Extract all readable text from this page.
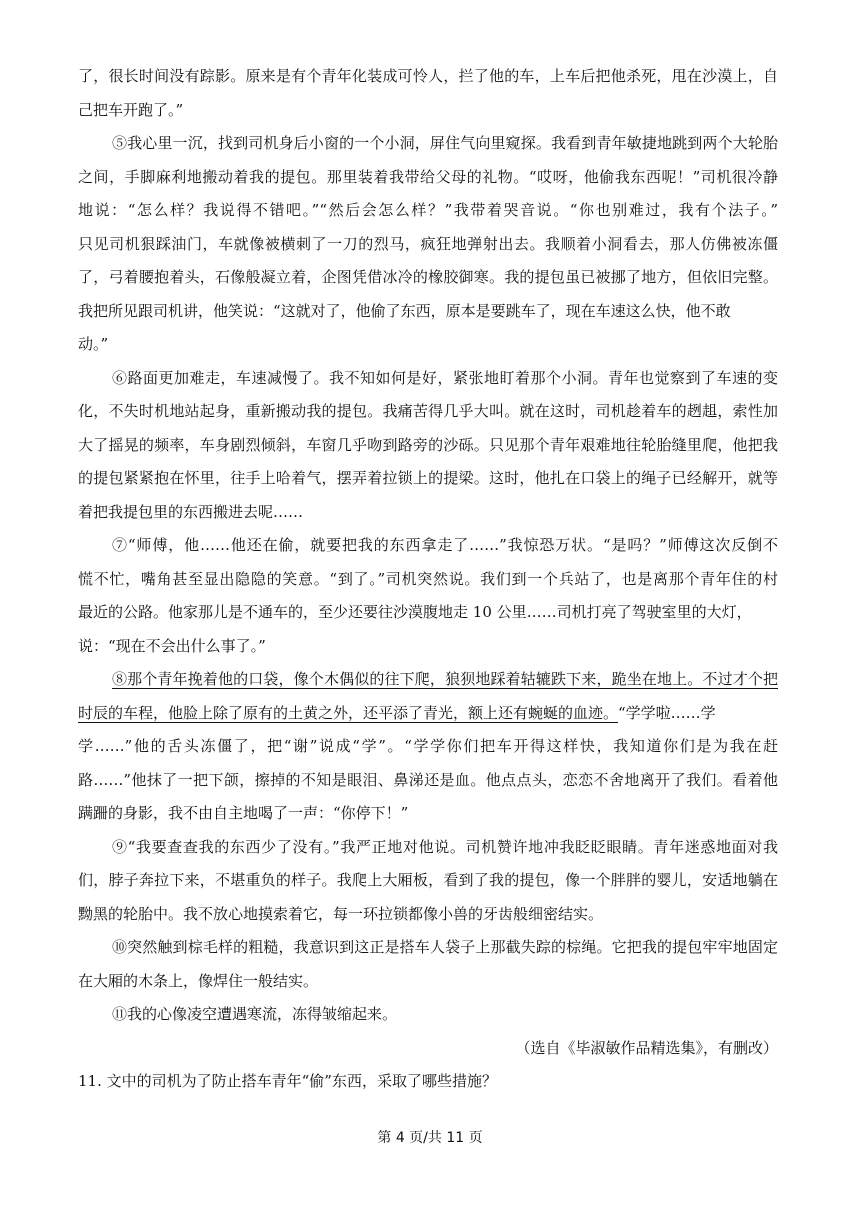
了，很长时间没有踪影。原来是有个青年化装成可怜人，拦了他的车，上车后把他杀死，甩在沙漠上，自
己把车开跑了。”
⑤我心里一沉，找到司机身后小窗的一个小洞，屏住气向里窥探。我看到青年敏捷地跳到两个大轮胎
之间，手脚麻利地搬动着我的提包。那里装着我带给父母的礼物。“哎呀，他偷我东西呢！”司机很冷静
地说：“怎么样？我说得不错吧。”“然后会怎么样？”我带着哭音说。“你也别难过，我有个法子。”
只见司机狠踩油门，车就像被横刺了一刀的烈马，疯狂地弹射出去。我顺着小洞看去，那人仿佛被冻僵
了，弓着腰抱着头，石像般凝立着，企图凭借冰冷的橡胶御寒。我的提包虽已被挪了地方，但依旧完整。
我把所见跟司机讲，他笑说：“这就对了，他偷了东西，原本是要跳车了，现在车速这么快，他不敢
动。”
⑥路面更加难走，车速减慢了。我不知如何是好，紧张地盯着那个小洞。青年也觉察到了车速的变
化，不失时机地站起身，重新搬动我的提包。我痛苦得几乎大叫。就在这时，司机趁着车的趔趄，索性加
大了摇晃的频率，车身剧烈倾斜，车窗几乎吻到路旁的沙砾。只见那个青年艰难地往轮胎缝里爬，他把我
的提包紧紧抱在怀里，往手上哈着气，摆弄着拉锁上的提梁。这时，他扎在口袋上的绳子已经解开，就等
着把我提包里的东西搬进去呢……
⑦“师傅，他……他还在偷，就要把我的东西拿走了……”我惊恐万状。“是吗？”师傅这次反倒不
慌不忙，嘴角甚至显出隐隐的笑意。“到了。”司机突然说。我们到一个兵站了，也是离那个青年住的村
最近的公路。他家那儿是不通车的，至少还要往沙漠腹地走 10 公里……司机打亮了驾驶室里的大灯，
说：“现在不会出什么事了。”
⑧那个青年挽着他的口袋，像个木偶似的往下爬，狼狈地踩着轱辘跌下来，跪坐在地上。不过才个把
时辰的车程，他脸上除了原有的土黄之外，还平添了青光，额上还有蜿蜒的血迹。“学学啦……学
学……”他的舌头冻僵了，把“谢”说成“学”。“学学你们把车开得这样快，我知道你们是为我在赶
路……”他抹了一把下颌，擦掉的不知是眼泪、鼻涕还是血。他点点头，恋恋不舍地离开了我们。看着他
蹒跚的身影，我不由自主地喝了一声：“你停下！”
⑨“我要查查我的东西少了没有。”我严正地对他说。司机赞许地冲我眨眨眼睛。青年迷惑地面对我
们，脖子奔拉下来，不堪重负的样子。我爬上大厢板，看到了我的提包，像一个胖胖的婴儿，安适地躺在
黝黑的轮胎中。我不放心地摸索着它，每一环拉锁都像小兽的牙齿般细密结实。
⑩突然触到棕毛样的粗糙，我意识到这正是搭车人袋子上那截失踪的棕绳。它把我的提包牢牢地固定
在大厢的木条上，像焊住一般结实。
⑪我的心像凌空遭遇寒流，冻得皱缩起来。
（选自《毕淑敏作品精选集》，有删改）
11. 文中的司机为了防止搭车青年“偷”东西，采取了哪些措施？
第 4 页/共 11 页
